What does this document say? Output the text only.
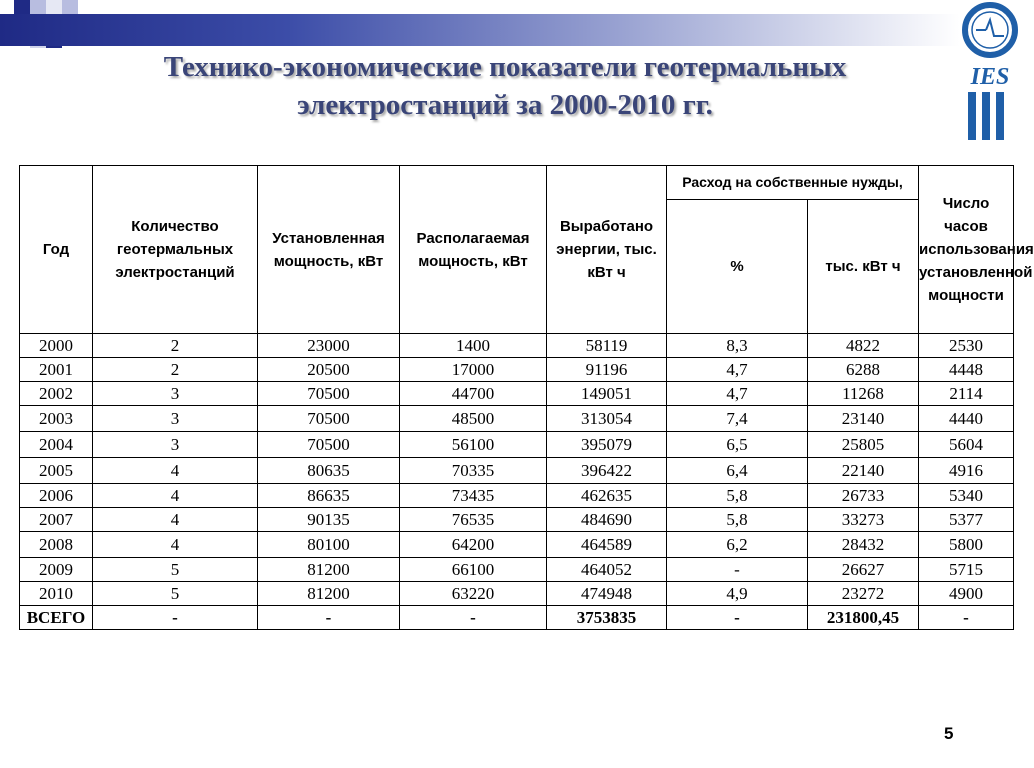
Технико-экономические показатели геотермальных электростанций за 2000-2010 гг.
IES
Год	Количество геотермальных электростанций	Установленная мощность, кВт	Располагаемая мощность, кВт	Выработано энергии, тыс. кВт ч	Расход на собственные нужды,		Число часов использования установленной мощности
					%	тыс. кВт ч	
2000	2	23000	1400	58119	8,3	4822	2530
2001	2	20500	17000	91196	4,7	6288	4448
2002	3	70500	44700	149051	4,7	11268	2114
2003	3	70500	48500	313054	7,4	23140	4440
2004	3	70500	56100	395079	6,5	25805	5604
2005	4	80635	70335	396422	6,4	22140	4916
2006	4	86635	73435	462635	5,8	26733	5340
2007	4	90135	76535	484690	5,8	33273	5377
2008	4	80100	64200	464589	6,2	28432	5800
2009	5	81200	66100	464052	-	26627	5715
2010	5	81200	63220	474948	4,9	23272	4900
ВСЕГО	-	-	-	3753835	-	231800,45	-
5
